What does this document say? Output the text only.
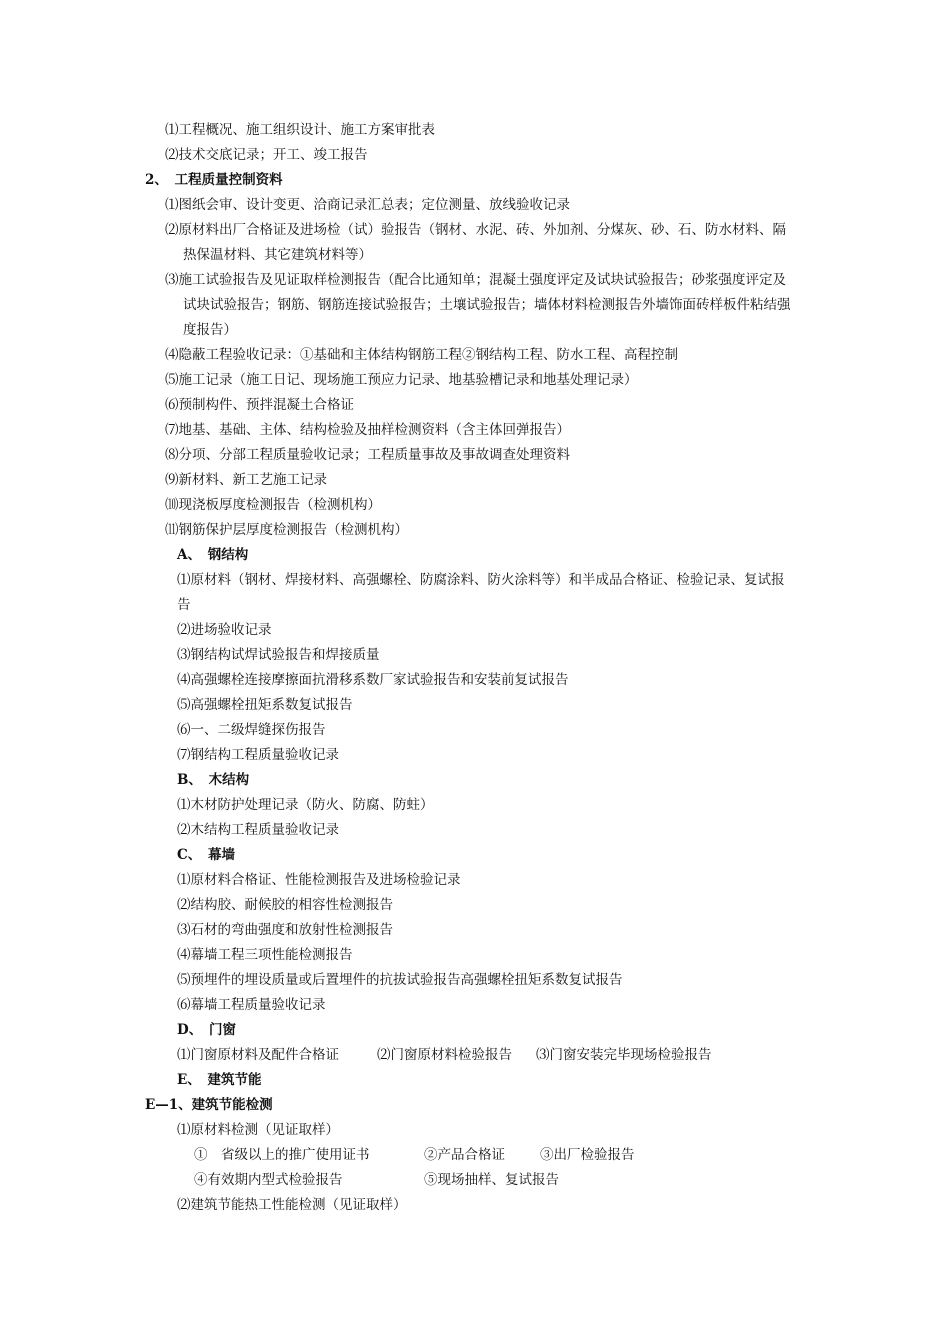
⑴工程概况、施工组织设计、施工方案审批表
⑵技术交底记录；开工、竣工报告
2、　工程质量控制资料
⑴图纸会审、设计变更、洽商记录汇总表；定位测量、放线验收记录
⑵原材料出厂合格证及进场检（试）验报告（钢材、水泥、砖、外加剂、分煤灰、砂、石、防水材料、隔
热保温材料、其它建筑材料等）
⑶施工试验报告及见证取样检测报告（配合比通知单；混凝土强度评定及试块试验报告；砂浆强度评定及
试块试验报告；钢筋、钢筋连接试验报告；土壤试验报告；墙体材料检测报告外墙饰面砖样板件粘结强
度报告）
⑷隐蔽工程验收记录：①基础和主体结构钢筋工程②钢结构工程、防水工程、高程控制
⑸施工记录（施工日记、现场施工预应力记录、地基验槽记录和地基处理记录）
⑹预制构件、预拌混凝土合格证
⑺地基、基础、主体、结构检验及抽样检测资料（含主体回弹报告）
⑻分项、分部工程质量验收记录；工程质量事故及事故调查处理资料
⑼新材料、新工艺施工记录
⑽现浇板厚度检测报告（检测机构）
⑾钢筋保护层厚度检测报告（检测机构）
A、　钢结构
⑴原材料（钢材、焊接材料、高强螺栓、防腐涂料、防火涂料等）和半成品合格证、检验记录、复试报
告
⑵进场验收记录
⑶钢结构试焊试验报告和焊接质量
⑷高强螺栓连接摩擦面抗滑移系数厂家试验报告和安装前复试报告
⑸高强螺栓扭矩系数复试报告
⑹一、二级焊缝探伤报告
⑺钢结构工程质量验收记录
B、　木结构
⑴木材防护处理记录（防火、防腐、防蛀）
⑵木结构工程质量验收记录
C、　幕墙
⑴原材料合格证、性能检测报告及进场检验记录
⑵结构胶、耐候胶的相容性检测报告
⑶石材的弯曲强度和放射性检测报告
⑷幕墙工程三项性能检测报告
⑸预埋件的埋设质量或后置埋件的抗拔试验报告高强螺栓扭矩系数复试报告
⑹幕墙工程质量验收记录
D、　门窗
⑴门窗原材料及配件合格证	⑵门窗原材料检验报告 ⑶门窗安装完毕现场检验报告
E、　建筑节能
E—1、建筑节能检测
⑴原材料检测（见证取样）
①　省级以上的推广使用证书	②产品合格证	③出厂检验报告
④有效期内型式检验报告	⑤现场抽样、复试报告
⑵建筑节能热工性能检测（见证取样）
